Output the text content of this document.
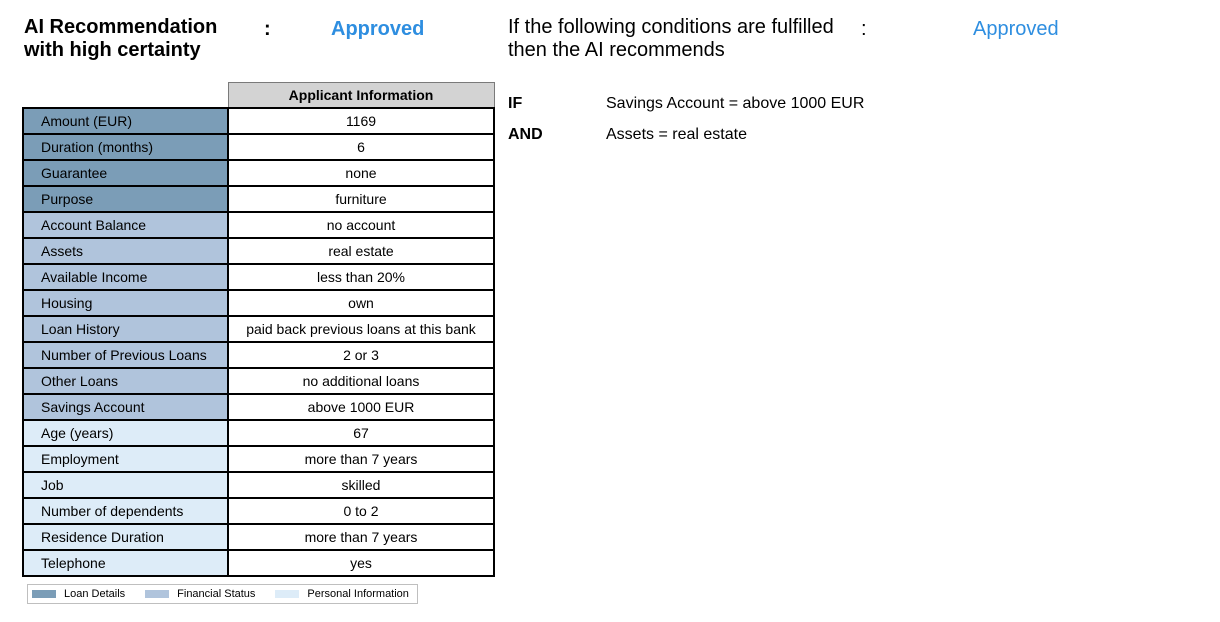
AI Recommendation
with high certainty
:	Approved	If the following conditions are fulfilled
then the AI recommends
:	Approved
IF	Savings Account = above 1000 EUR
AND	Assets = real estate
	Applicant Information
Amount (EUR)	1169
Duration (months)	6
Guarantee	none
Purpose	furniture
Account Balance	no account
Assets	real estate
Available Income	less than 20%
Housing	own
Loan History	paid back previous loans at this bank
Number of Previous Loans	2 or 3
Other Loans	no additional loans
Savings Account	above 1000 EUR
Age (years)	67
Employment	more than 7 years
Job	skilled
Number of dependents	0 to 2
Residence Duration	more than 7 years
Telephone	yes
Loan Details	Financial Status	Personal Information
